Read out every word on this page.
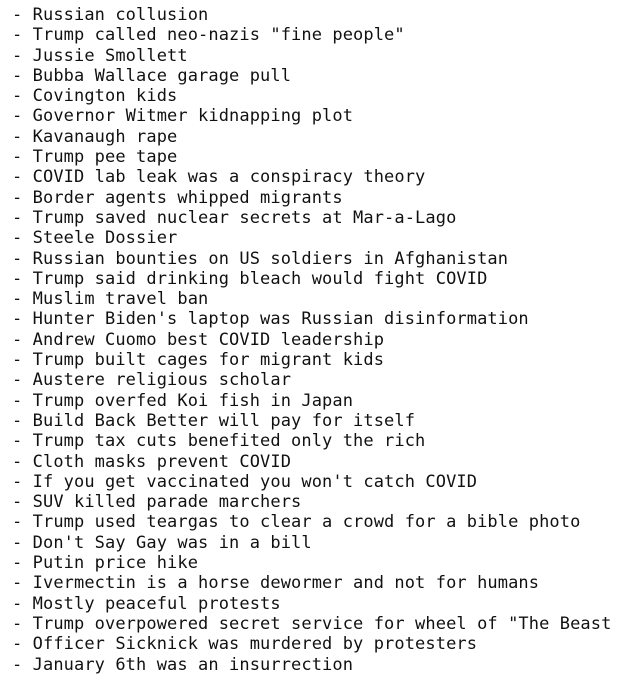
- Russian collusion
- Trump called neo-nazis "fine people"
- Jussie Smollett
- Bubba Wallace garage pull
- Covington kids
- Governor Witmer kidnapping plot
- Kavanaugh rape
- Trump pee tape
- COVID lab leak was a conspiracy theory
- Border agents whipped migrants
- Trump saved nuclear secrets at Mar-a-Lago
- Steele Dossier
- Russian bounties on US soldiers in Afghanistan
- Trump said drinking bleach would fight COVID
- Muslim travel ban
- Hunter Biden's laptop was Russian disinformation
- Andrew Cuomo best COVID leadership
- Trump built cages for migrant kids
- Austere religious scholar
- Trump overfed Koi fish in Japan
- Build Back Better will pay for itself
- Trump tax cuts benefited only the rich
- Cloth masks prevent COVID
- If you get vaccinated you won't catch COVID
- SUV killed parade marchers
- Trump used teargas to clear a crowd for a bible photo
- Don't Say Gay was in a bill
- Putin price hike
- Ivermectin is a horse dewormer and not for humans
- Mostly peaceful protests
- Trump overpowered secret service for wheel of "The Beast
- Officer Sicknick was murdered by protesters
- January 6th was an insurrection
